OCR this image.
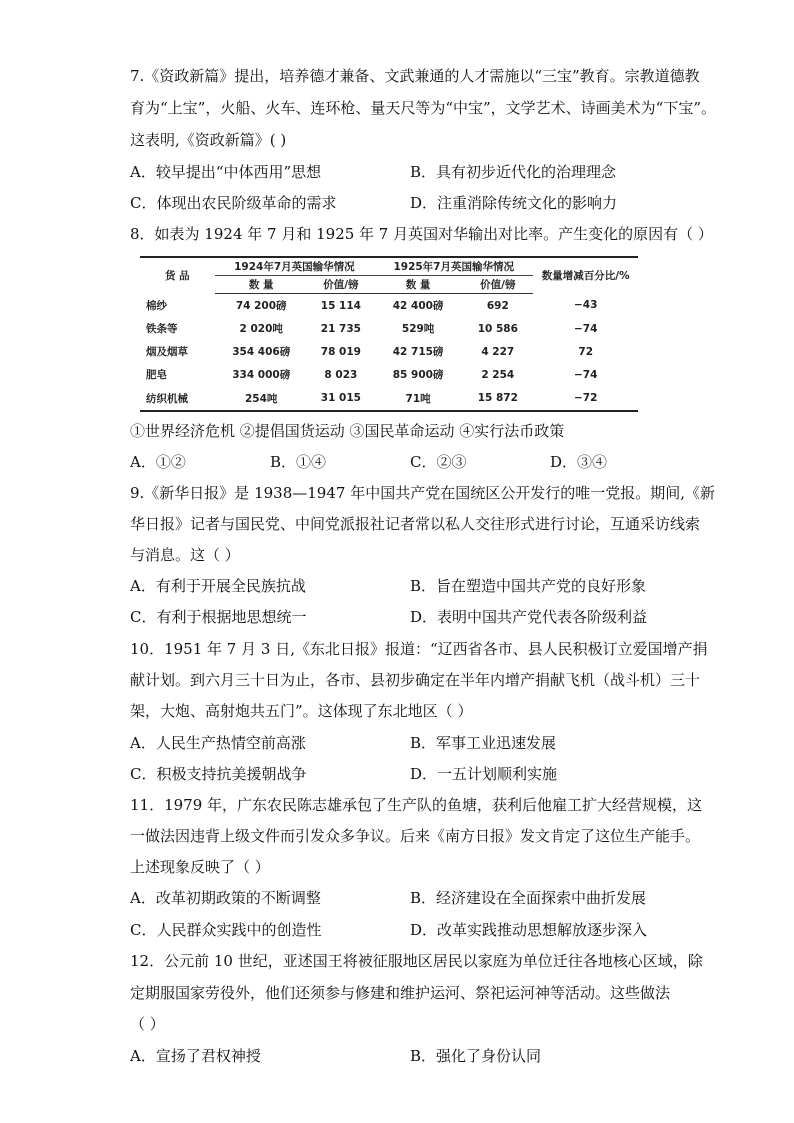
7.《资政新篇》提出，培养德才兼备、文武兼通的人才需施以“三宝”教育。宗教道德教
育为“上宝”，火船、火车、连环枪、量天尺等为“中宝”，文学艺术、诗画美术为“下宝”。
这表明,《资政新篇》( )
A．较早提出“中体西用”思想	B．具有初步近代化的治理理念
C．体现出农民阶级革命的需求	D．注重消除传统文化的影响力
8．如表为 1924 年 7 月和 1925 年 7 月英国对华输出对比率。产生变化的原因有（ ）
货 品	1924年7月英国输华情况		1925年7月英国输华情况		数量增减百分比/%
	数 量	价值/镑	数 量	价值/镑	
棉纱	74 200磅	15 114	42 400磅	692	−43
铁条等	2 020吨	21 735	529吨	10 586	−74
烟及烟草	354 406磅	78 019	42 715磅	4 227	72
肥皂	334 000磅	8 023	85 900磅	2 254	−74
纺织机械	254吨	31 015	71吨	15 872	−72
①世界经济危机 ②提倡国货运动 ③国民革命运动 ④实行法币政策
A．①②	B．①④	C．②③	D．③④
9.《新华日报》是 1938—1947 年中国共产党在国统区公开发行的唯一党报。期间,《新
华日报》记者与国民党、中间党派报社记者常以私人交往形式进行讨论，互通采访线索
与消息。这（ ）
A．有利于开展全民族抗战	B．旨在塑造中国共产党的良好形象
C．有利于根据地思想统一	D．表明中国共产党代表各阶级利益
10．1951 年 7 月 3 日,《东北日报》报道：“辽西省各市、县人民积极订立爱国增产捐
献计划。到六月三十日为止，各市、县初步确定在半年内增产捐献飞机（战斗机）三十
架，大炮、高射炮共五门”。这体现了东北地区（ ）
A．人民生产热情空前高涨	B．军事工业迅速发展
C．积极支持抗美援朝战争	D．一五计划顺利实施
11．1979 年，广东农民陈志雄承包了生产队的鱼塘，获利后他雇工扩大经营规模，这
一做法因违背上级文件而引发众多争议。后来《南方日报》发文肯定了这位生产能手。
上述现象反映了（ ）
A．改革初期政策的不断调整	B．经济建设在全面探索中曲折发展
C．人民群众实践中的创造性	D．改革实践推动思想解放逐步深入
12．公元前 10 世纪，亚述国王将被征服地区居民以家庭为单位迁往各地核心区域，除
定期服国家劳役外，他们还须参与修建和维护运河、祭祀运河神等活动。这些做法
（ ）
A．宣扬了君权神授	B．强化了身份认同
